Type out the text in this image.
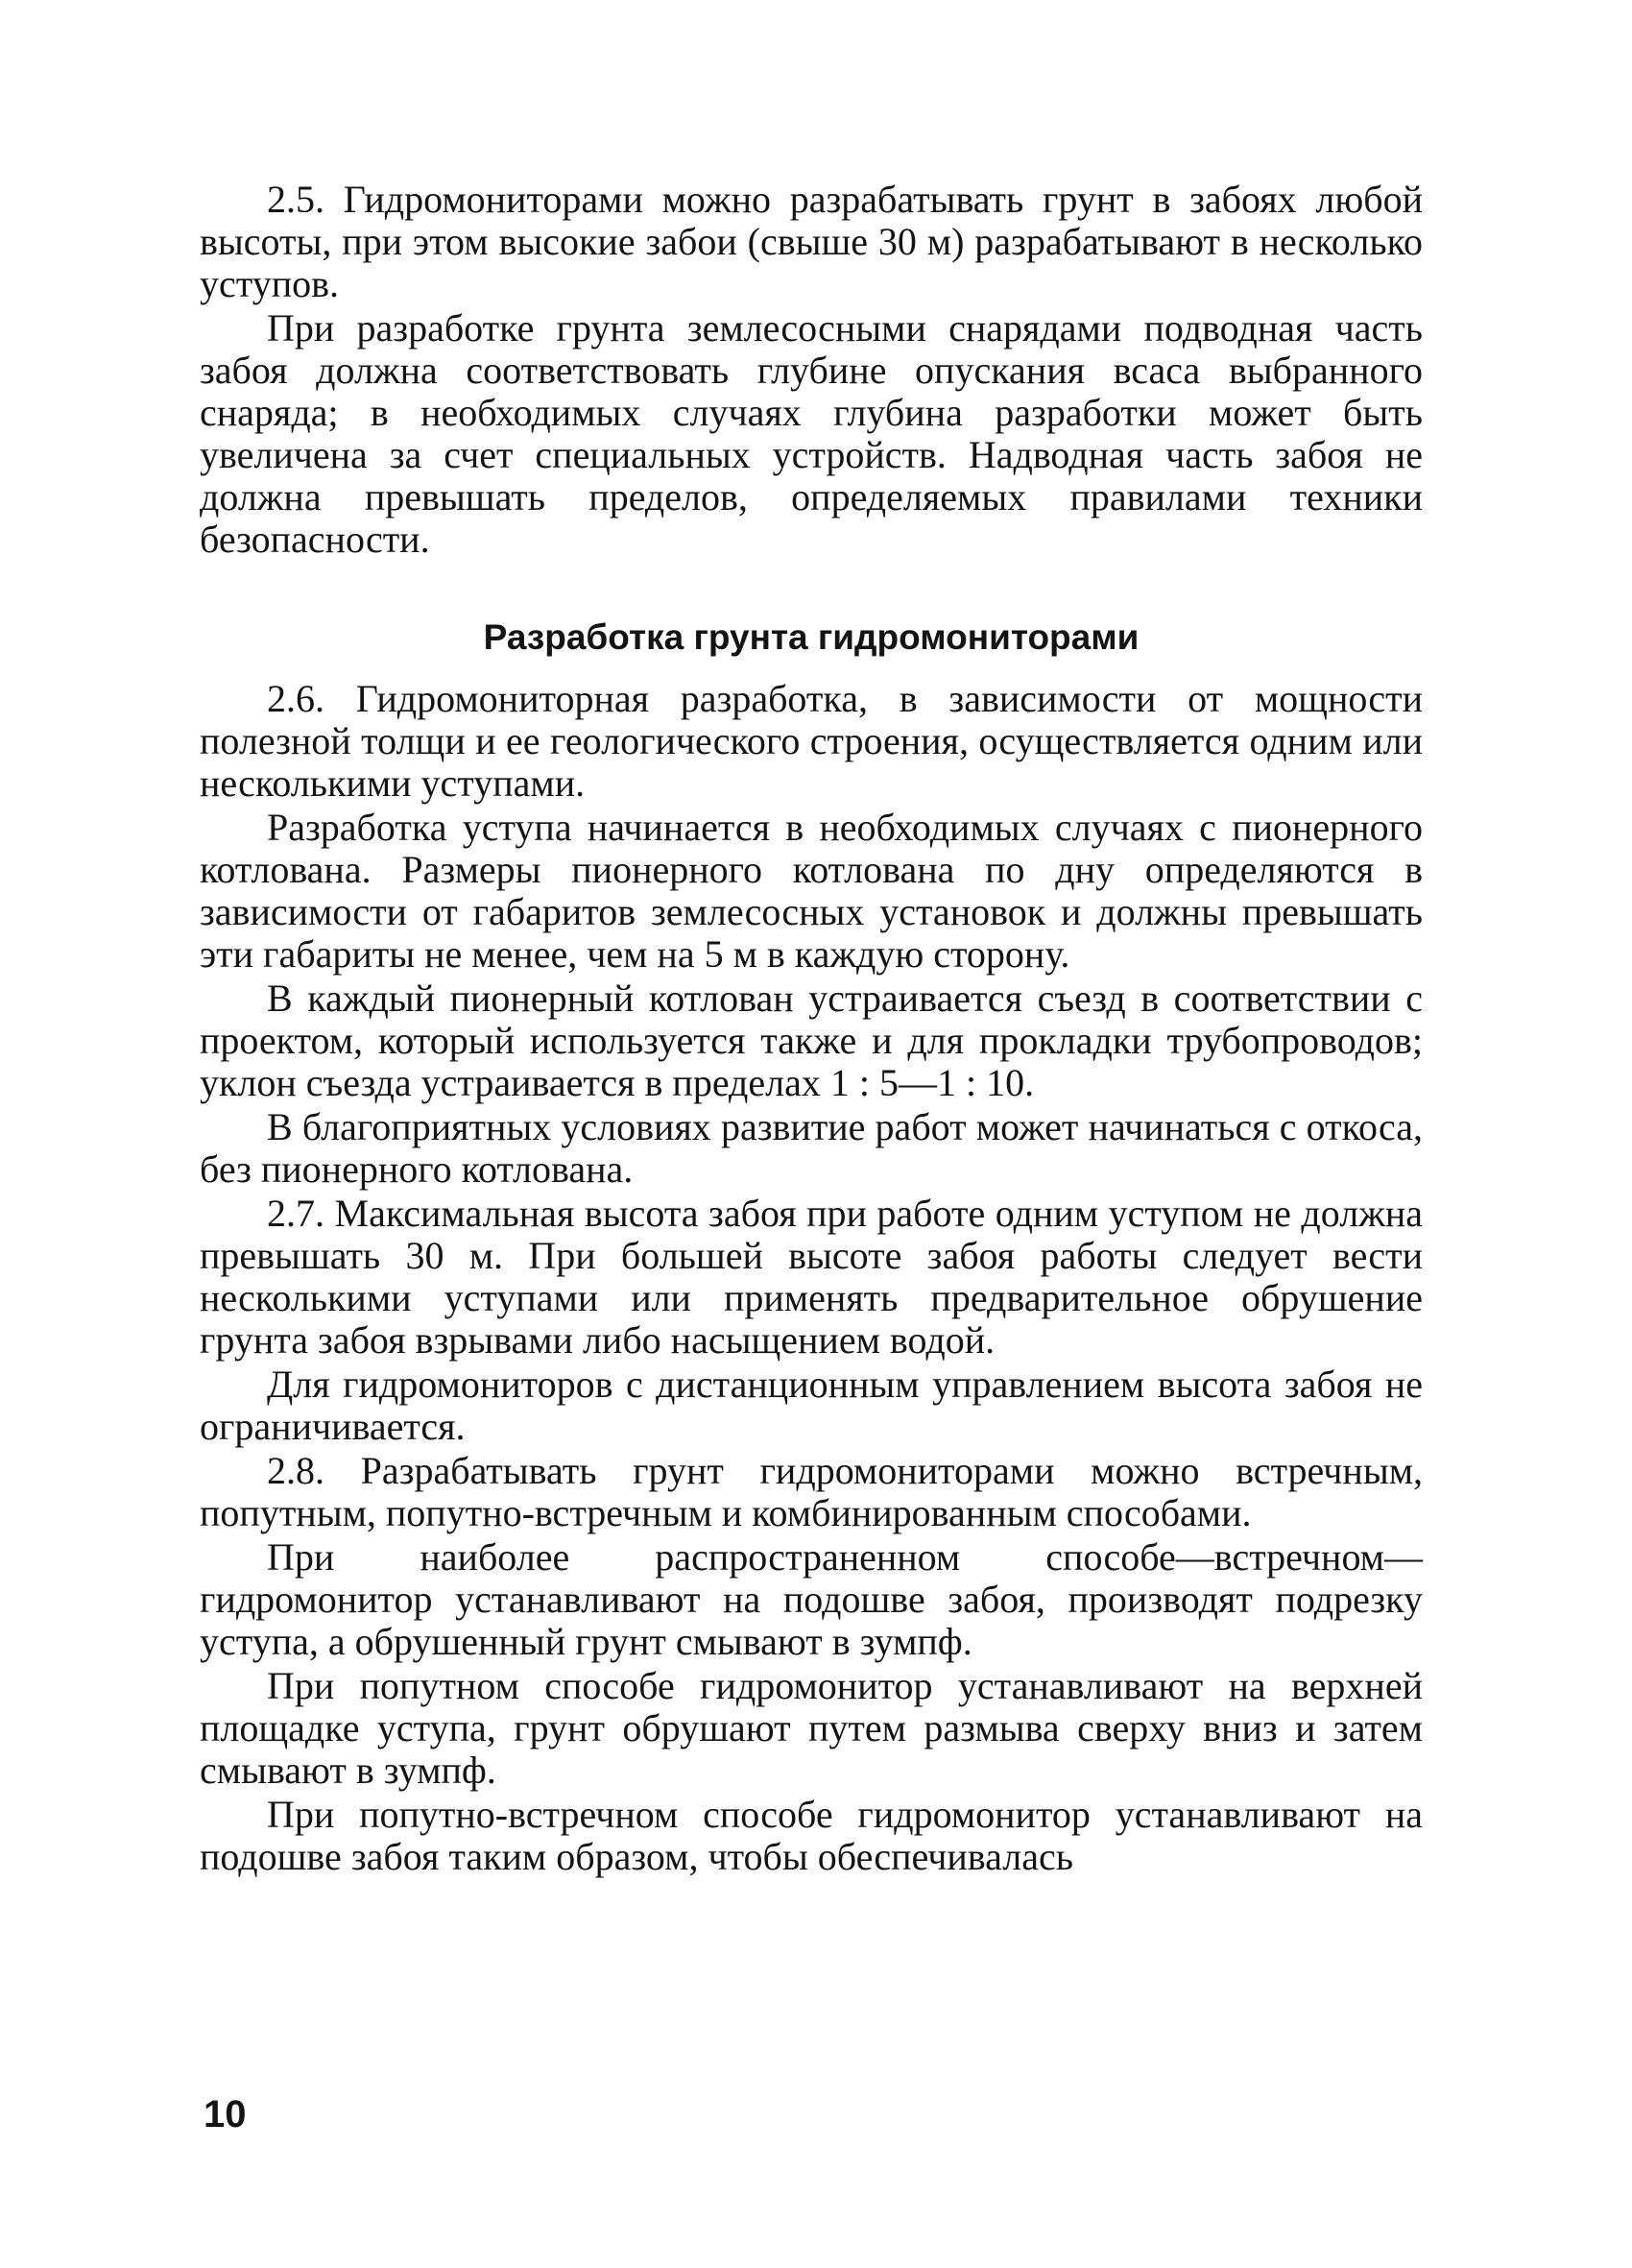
2.5. Гидромониторами можно разрабатывать грунт в забоях любой высоты, при этом высокие забои (свыше 30 м) разрабатывают в несколько уступов.

При разработке грунта землесосными снарядами подводная часть забоя должна соответствовать глубине опускания всаса выбранного снаряда; в необходимых случаях глубина разработки может быть увеличена за счет специальных устройств. Надводная часть забоя не должна превышать пределов, определяемых правилами техники безопасности.

Разработка грунта гидромониторами

2.6. Гидромониторная разработка, в зависимости от мощности полезной толщи и ее геологического строения, осуществляется одним или несколькими уступами.

Разработка уступа начинается в необходимых случаях с пионерного котлована. Размеры пионерного котлована по дну определяются в зависимости от габаритов землесосных установок и должны превышать эти габариты не менее, чем на 5 м в каждую сторону.

В каждый пионерный котлован устраивается съезд в соответствии с проектом, который используется также и для прокладки трубопроводов; уклон съезда устраивается в пределах 1 : 5—1 : 10.

В благоприятных условиях развитие работ может начинаться с откоса, без пионерного котлована.

2.7. Максимальная высота забоя при работе одним уступом не должна превышать 30 м. При большей высоте забоя работы следует вести несколькими уступами или применять предварительное обрушение грунта забоя взрывами либо насыщением водой.

Для гидромониторов с дистанционным управлением высота забоя не ограничивается.

2.8. Разрабатывать грунт гидромониторами можно встречным, попутным, попутно-встречным и комбинированным способами.

При наиболее распространенном способе—встречном—гидромонитор устанавливают на подошве забоя, производят подрезку уступа, а обрушенный грунт смывают в зумпф.

При попутном способе гидромонитор устанавливают на верхней площадке уступа, грунт обрушают путем размыва сверху вниз и затем смывают в зумпф.

При попутно-встречном способе гидромонитор устанавливают на подошве забоя таким образом, чтобы обеспечивалась

10
